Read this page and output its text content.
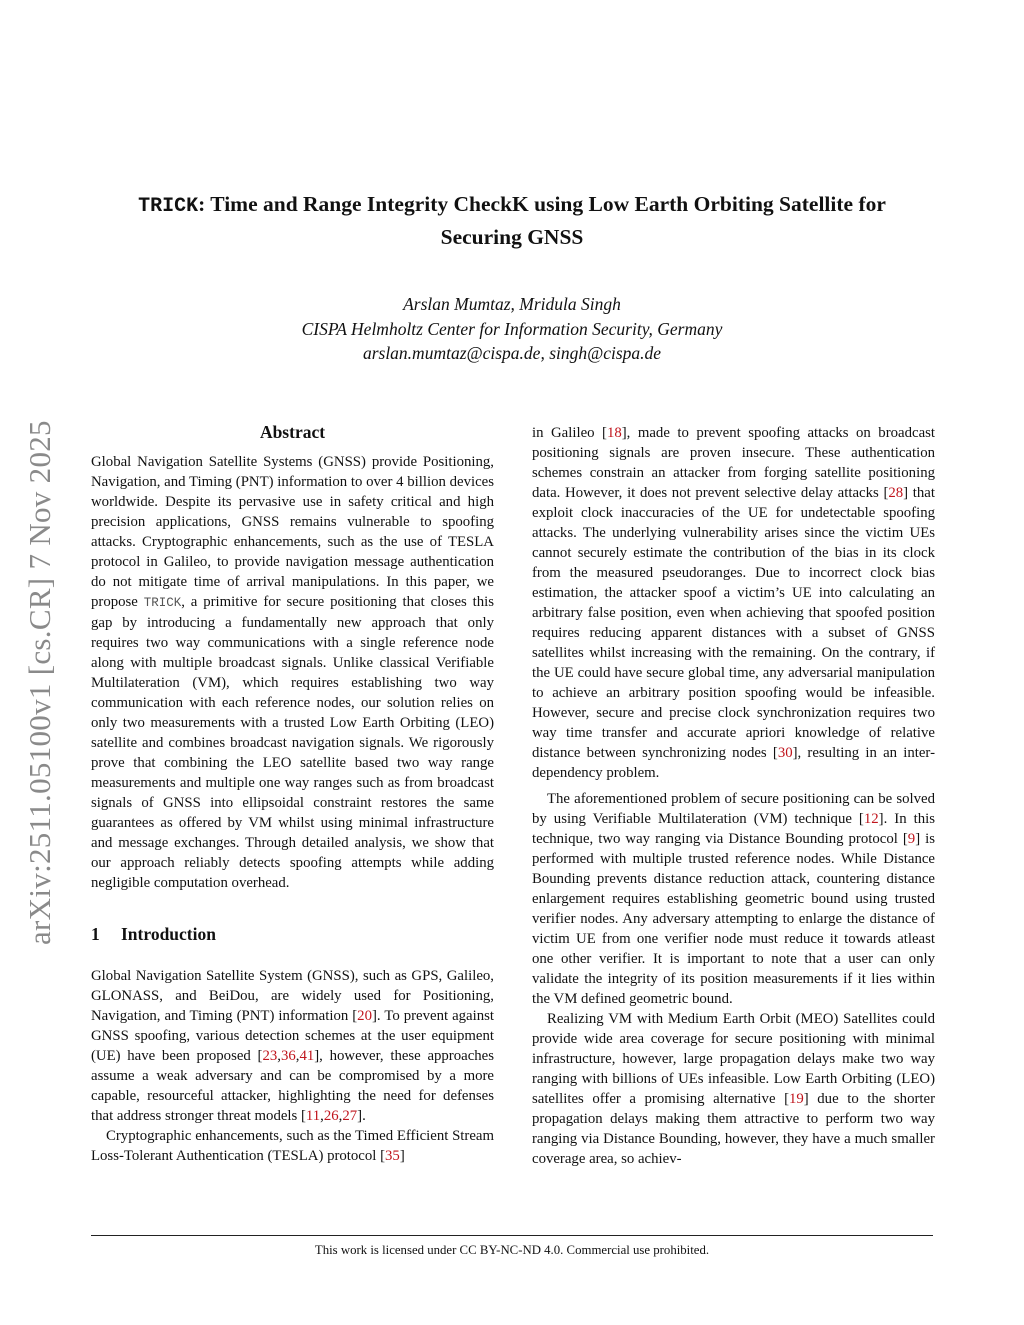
arXiv:2511.05100v1 [cs.CR] 7 Nov 2025
TRICK: Time and Range Integrity CheckK using Low Earth Orbiting Satellite for
Securing GNSS
Arslan Mumtaz, Mridula Singh
CISPA Helmholtz Center for Information Security, Germany
arslan.mumtaz@cispa.de, singh@cispa.de
Abstract

Global Navigation Satellite Systems (GNSS) provide Positioning, Navigation, and Timing (PNT) information to over 4 billion devices worldwide. Despite its pervasive use in safety critical and high precision applications, GNSS remains vulnerable to spoofing attacks. Cryptographic enhancements, such as the use of TESLA protocol in Galileo, to provide navigation message authentication do not mitigate time of arrival manipulations. In this paper, we propose TRICK, a primitive for secure positioning that closes this gap by introducing a fundamentally new approach that only requires two way communications with a single reference node along with multiple broadcast signals. Unlike classical Verifiable Multilateration (VM), which requires establishing two way communication with each reference nodes, our solution relies on only two measurements with a trusted Low Earth Orbiting (LEO) satellite and combines broadcast navigation signals. We rigorously prove that combining the LEO satellite based two way range measurements and multiple one way ranges such as from broadcast signals of GNSS into ellipsoidal constraint restores the same guarantees as offered by VM whilst using minimal infrastructure and message exchanges. Through detailed analysis, we show that our approach reliably detects spoofing attempts while adding negligible computation overhead.

1 Introduction

Global Navigation Satellite System (GNSS), such as GPS, Galileo, GLONASS, and BeiDou, are widely used for Positioning, Navigation, and Timing (PNT) information [20]. To prevent against GNSS spoofing, various detection schemes at the user equipment (UE) have been proposed [23,36,41], however, these approaches assume a weak adversary and can be compromised by a more capable, resourceful attacker, highlighting the need for defenses that address stronger threat models [11,26,27].

Cryptographic enhancements, such as the Timed Efficient Stream Loss-Tolerant Authentication (TESLA) protocol [35]

in Galileo [18], made to prevent spoofing attacks on broadcast positioning signals are proven insecure. These authentication schemes constrain an attacker from forging satellite positioning data. However, it does not prevent selective delay attacks [28] that exploit clock inaccuracies of the UE for undetectable spoofing attacks. The underlying vulnerability arises since the victim UEs cannot securely estimate the contribution of the bias in its clock from the measured pseudoranges. Due to incorrect clock bias estimation, the attacker spoof a victim’s UE into calculating an arbitrary false position, even when achieving that spoofed position requires reducing apparent distances with a subset of GNSS satellites whilst increasing with the remaining. On the contrary, if the UE could have secure global time, any adversarial manipulation to achieve an arbitrary position spoofing would be infeasible. However, secure and precise clock synchronization requires two way time transfer and accurate apriori knowledge of relative distance between synchronizing nodes [30], resulting in an inter-dependency problem.

The aforementioned problem of secure positioning can be solved by using Verifiable Multilateration (VM) technique [12]. In this technique, two way ranging via Distance Bounding protocol [9] is performed with multiple trusted reference nodes. While Distance Bounding prevents distance reduction attack, countering distance enlargement requires establishing geometric bound using trusted verifier nodes. Any adversary attempting to enlarge the distance of victim UE from one verifier node must reduce it towards atleast one other verifier. It is important to note that a user can only validate the integrity of its position measurements if it lies within the VM defined geometric bound.

Realizing VM with Medium Earth Orbit (MEO) Satellites could provide wide area coverage for secure positioning with minimal infrastructure, however, large propagation delays make two way ranging with billions of UEs infeasible. Low Earth Orbiting (LEO) satellites offer a promising alternative [19] due to the shorter propagation delays making them attractive to perform two way ranging via Distance Bounding, however, they have a much smaller coverage area, so achiev-

This work is licensed under CC BY-NC-ND 4.0. Commercial use prohibited.
